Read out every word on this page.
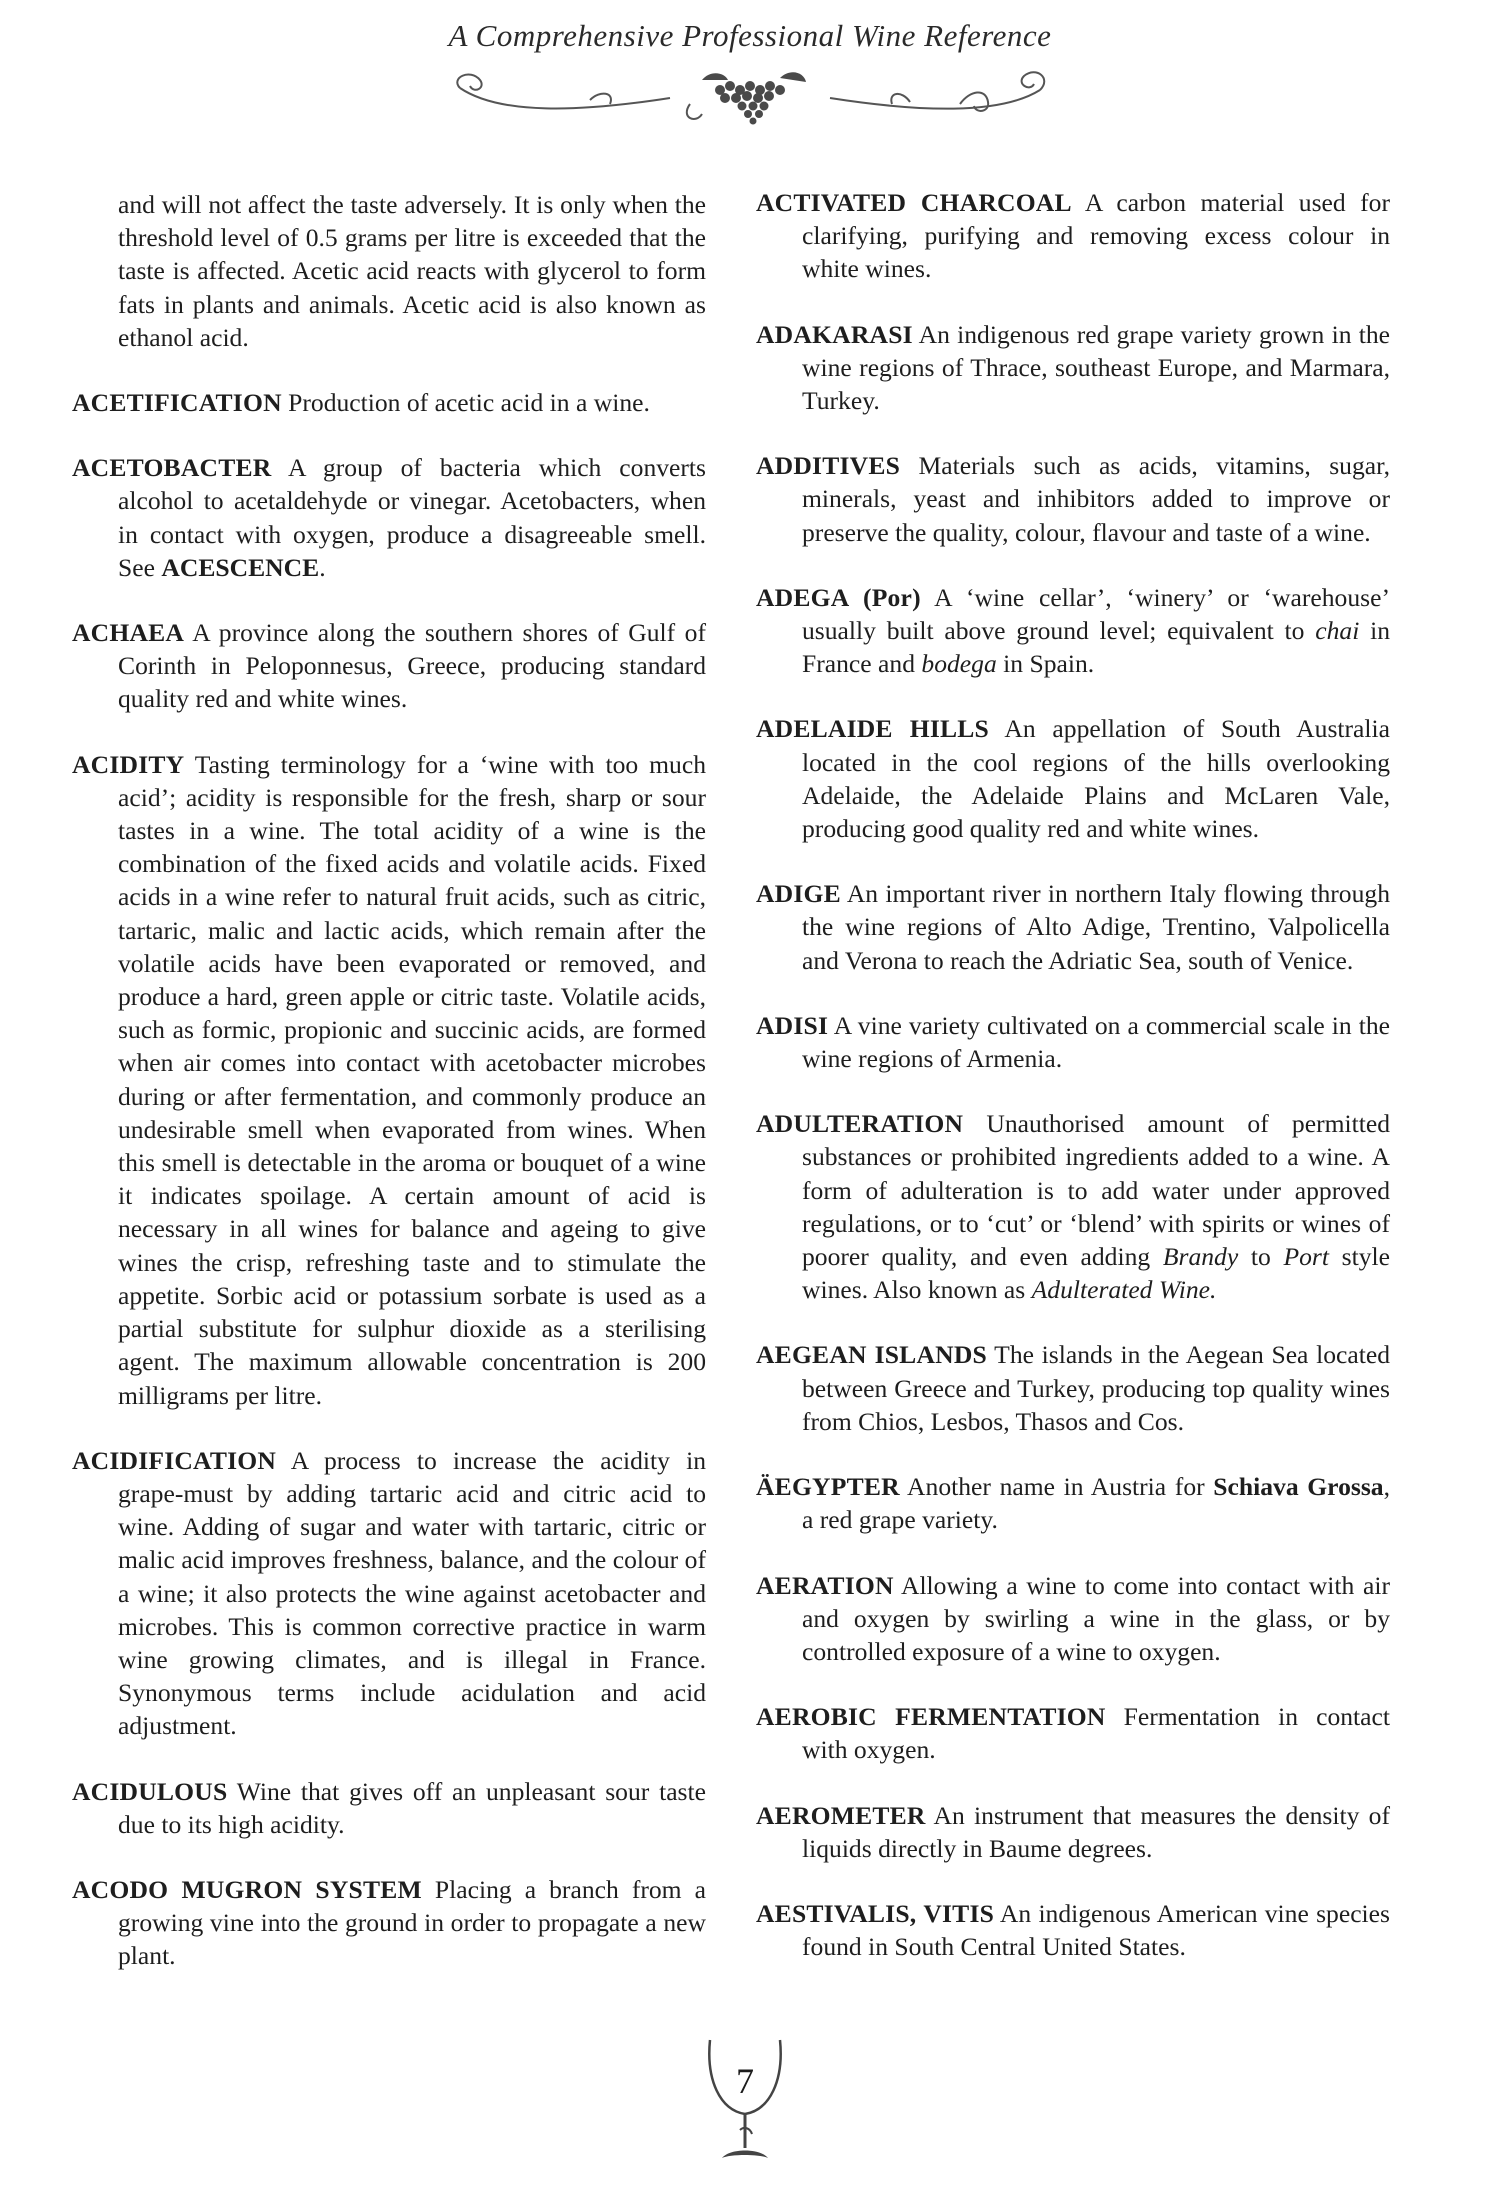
A Comprehensive Professional Wine Reference

and will not affect the taste adversely. It is only when the threshold level of 0.5 grams per litre is exceeded that the taste is affected. Acetic acid reacts with glycerol to form fats in plants and animals. Acetic acid is also known as ethanol acid.

ACETIFICATION Production of acetic acid in a wine.

ACETOBACTER A group of bacteria which converts alcohol to acetaldehyde or vinegar. Acetobacters, when in contact with oxygen, produce a disagreeable smell. See ACESCENCE.

ACHAEA A province along the southern shores of Gulf of Corinth in Peloponnesus, Greece, producing standard quality red and white wines.

ACIDITY Tasting terminology for a ‘wine with too much acid’; acidity is responsible for the fresh, sharp or sour tastes in a wine. The total acidity of a wine is the combination of the fixed acids and volatile acids. Fixed acids in a wine refer to natural fruit acids, such as citric, tartaric, malic and lactic acids, which remain after the volatile acids have been evaporated or removed, and produce a hard, green apple or citric taste. Volatile acids, such as formic, propionic and succinic acids, are formed when air comes into contact with acetobacter microbes during or after fermentation, and commonly produce an undesirable smell when evaporated from wines. When this smell is detectable in the aroma or bouquet of a wine it indicates spoilage. A certain amount of acid is necessary in all wines for balance and ageing to give wines the crisp, refreshing taste and to stimulate the appetite. Sorbic acid or potassium sorbate is used as a partial substitute for sulphur dioxide as a sterilising agent. The maximum allowable concentration is 200 milligrams per litre.

ACIDIFICATION A process to increase the acidity in grape-must by adding tartaric acid and citric acid to wine. Adding of sugar and water with tartaric, citric or malic acid improves freshness, balance, and the colour of a wine; it also protects the wine against acetobacter and microbes. This is common corrective practice in warm wine growing climates, and is illegal in France. Synonymous terms include acidulation and acid adjustment.

ACIDULOUS Wine that gives off an unpleasant sour taste due to its high acidity.

ACODO MUGRON SYSTEM Placing a branch from a growing vine into the ground in order to propagate a new plant.

ACTIVATED CHARCOAL A carbon material used for clarifying, purifying and removing excess colour in white wines.

ADAKARASI An indigenous red grape variety grown in the wine regions of Thrace, southeast Europe, and Marmara, Turkey.

ADDITIVES Materials such as acids, vitamins, sugar, minerals, yeast and inhibitors added to improve or preserve the quality, colour, flavour and taste of a wine.

ADEGA (Por) A ‘wine cellar’, ‘winery’ or ‘warehouse’ usually built above ground level; equivalent to chai in France and bodega in Spain.

ADELAIDE HILLS An appellation of South Australia located in the cool regions of the hills overlooking Adelaide, the Adelaide Plains and McLaren Vale, producing good quality red and white wines.

ADIGE An important river in northern Italy flowing through the wine regions of Alto Adige, Trentino, Valpolicella and Verona to reach the Adriatic Sea, south of Venice.

ADISI A vine variety cultivated on a commercial scale in the wine regions of Armenia.

ADULTERATION Unauthorised amount of permitted substances or prohibited ingredients added to a wine. A form of adulteration is to add water under approved regulations, or to ‘cut’ or ‘blend’ with spirits or wines of poorer quality, and even adding Brandy to Port style wines. Also known as Adulterated Wine.

AEGEAN ISLANDS The islands in the Aegean Sea located between Greece and Turkey, producing top quality wines from Chios, Lesbos, Thasos and Cos.

ÄEGYPTER Another name in Austria for Schiava Grossa, a red grape variety.

AERATION Allowing a wine to come into contact with air and oxygen by swirling a wine in the glass, or by controlled exposure of a wine to oxygen.

AEROBIC FERMENTATION Fermentation in contact with oxygen.

AEROMETER An instrument that measures the density of liquids directly in Baume degrees.

AESTIVALIS, VITIS An indigenous American vine species found in South Central United States.

7
